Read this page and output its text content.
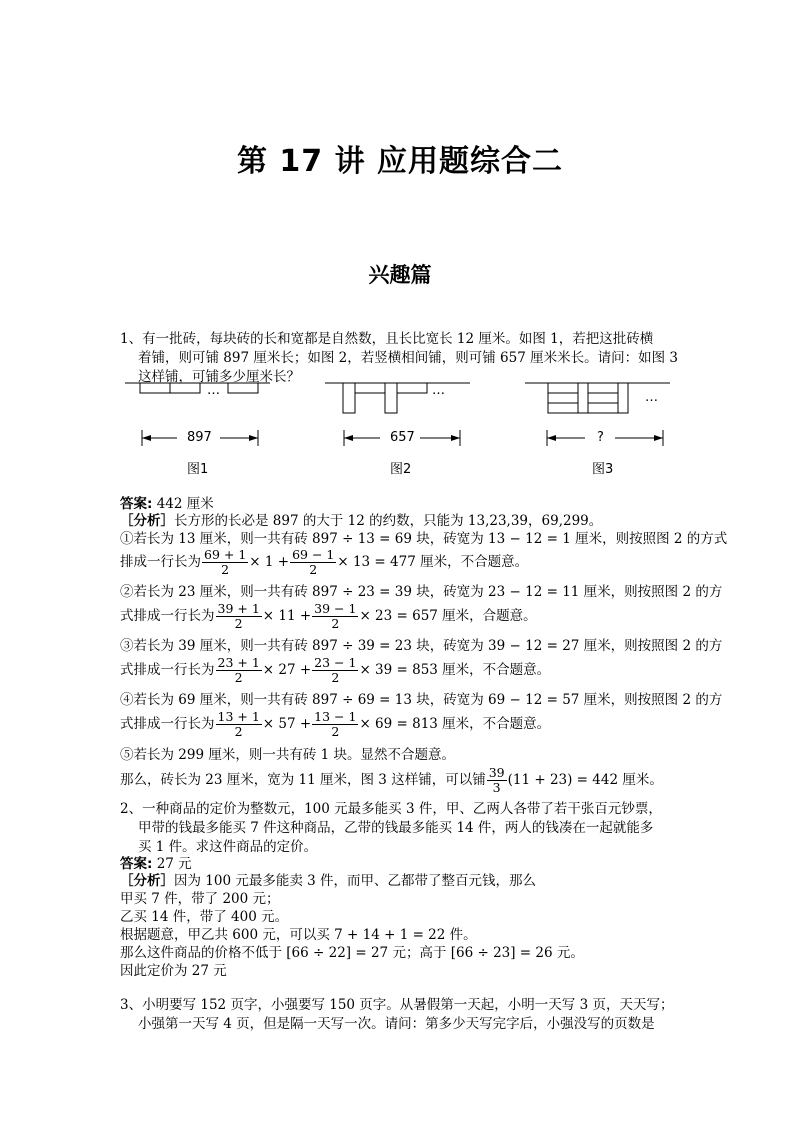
第 17 讲 应用题综合二
兴趣篇
1、有一批砖，每块砖的长和宽都是自然数，且长比宽长 12 厘米。如图 1，若把这批砖横
着铺，则可铺 897 厘米长；如图 2，若竖横相间铺，则可铺 657 厘米米长。请问：如图 3
这样铺，可铺多少厘米长？
…	…	…
897	657	?
图1	图2	图3
答案: 442 厘米
［分析］长方形的长必是 897 的大于 12 的约数，只能为 13,23,39，69,299。
①若长为 13 厘米，则一共有砖 897 ÷ 13 = 69 块，砖宽为 13 − 12 = 1 厘米，则按照图 2 的方式
排成一行长为 $\frac{69 + 1}{2} \times 1 + \frac{69 - 1}{2} \times 13 = 477$ 厘米，不合题意。
②若长为 23 厘米，则一共有砖 897 ÷ 23 = 39 块，砖宽为 23 − 12 = 11 厘米，则按照图 2 的方
式排成一行长为 $\frac{39 + 1}{2} \times 11 + \frac{39 - 1}{2} \times 23 = 657$ 厘米，合题意。
③若长为 39 厘米，则一共有砖 897 ÷ 39 = 23 块，砖宽为 39 − 12 = 27 厘米，则按照图 2 的方
式排成一行长为 $\frac{23 + 1}{2} \times 27 + \frac{23 - 1}{2} \times 39 = 853$ 厘米，不合题意。
④若长为 69 厘米，则一共有砖 897 ÷ 69 = 13 块，砖宽为 69 − 12 = 57 厘米，则按照图 2 的方
式排成一行长为 $\frac{13 + 1}{2} \times 57 + \frac{13 - 1}{2} \times 69 = 813$ 厘米，不合题意。
⑤若长为 299 厘米，则一共有砖 1 块。显然不合题意。
那么，砖长为 23 厘米，宽为 11 厘米，图 3 这样铺，可以铺 $\frac{39}{3} (11 + 23) = 442$ 厘米。
2、一种商品的定价为整数元，100 元最多能买 3 件，甲、乙两人各带了若干张百元钞票，
甲带的钱最多能买 7 件这种商品，乙带的钱最多能买 14 件，两人的钱凑在一起就能多
买 1 件。求这件商品的定价。
答案: 27 元
［分析］因为 100 元最多能卖 3 件，而甲、乙都带了整百元钱，那么
甲买 7 件，带了 200 元；
乙买 14 件，带了 400 元。
根据题意，甲乙共 600 元，可以买 7 + 14 + 1 = 22 件。
那么这件商品的价格不低于 [66 ÷ 22] = 27 元；高于 [66 ÷ 23] = 26 元。
因此定价为 27 元
3、小明要写 152 页字，小强要写 150 页字。从暑假第一天起，小明一天写 3 页，天天写；
小强第一天写 4 页，但是隔一天写一次。请问：第多少天写完字后，小强没写的页数是
